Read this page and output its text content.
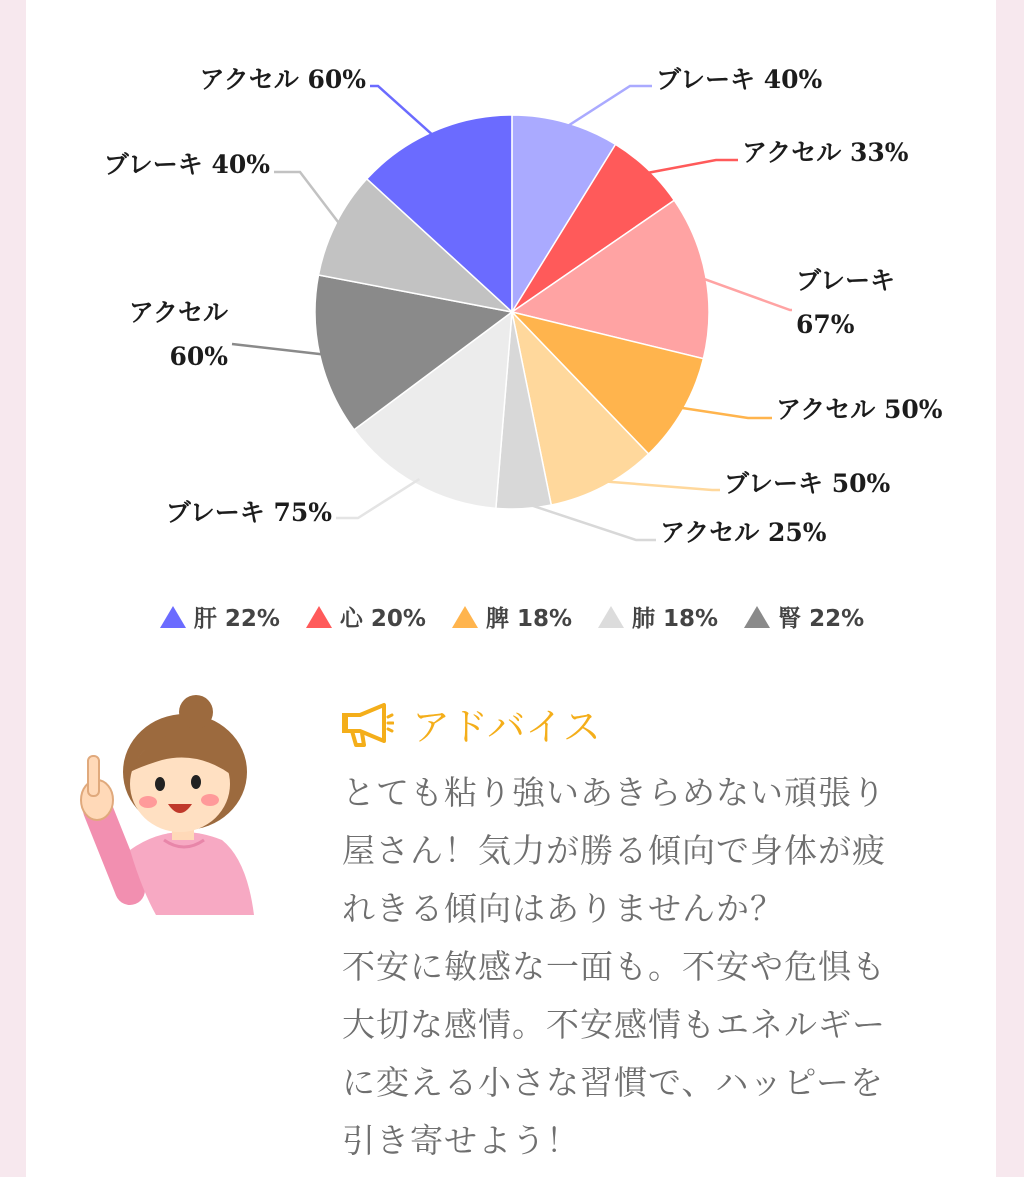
アクセル 60%	ブレーキ 40%
アクセル 33%
ブレーキ
67%
アクセル 50%
ブレーキ 50%
アクセル 25%
ブレーキ 75%
アクセル
60%
ブレーキ 40%
肝 22%	心 20%	脾 18%	肺 18%	腎 22%
アドバイス
とても粘り強いあきらめない頑張り
屋さん！気力が勝る傾向で身体が疲
れきる傾向はありませんか？
不安に敏感な一面も。不安や危惧も
大切な感情。不安感情もエネルギー
に変える小さな習慣で、ハッピーを
引き寄せよう！
